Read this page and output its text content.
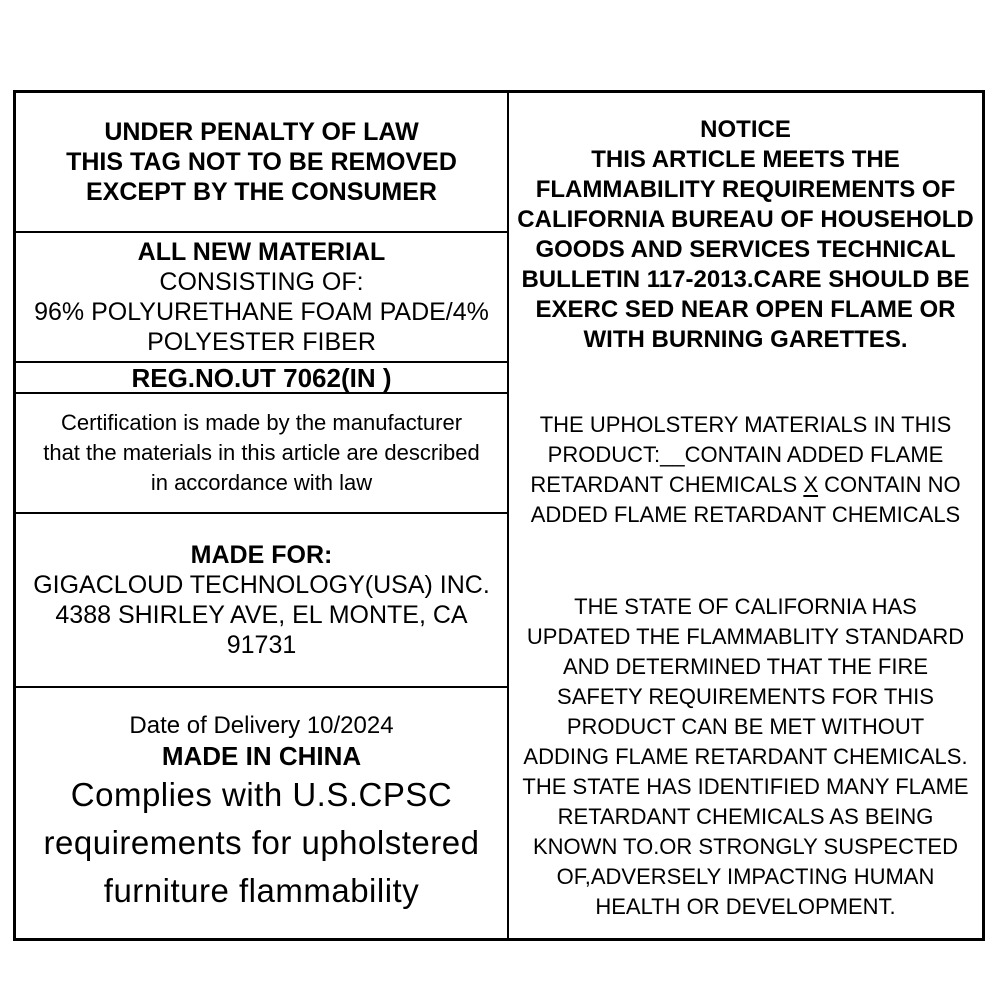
UNDER PENALTY OF LAW
THIS TAG NOT TO BE REMOVED
EXCEPT BY THE CONSUMER
ALL NEW MATERIAL
CONSISTING OF:
96% POLYURETHANE FOAM PADE/4%
POLYESTER FIBER
REG.NO.UT 7062(IN )
Certification is made by the manufacturer
that the materials in this article are described
in accordance with law
MADE FOR:
GIGACLOUD TECHNOLOGY(USA) INC.
4388 SHIRLEY AVE, EL MONTE, CA
91731
Date of Delivery 10/2024
MADE IN CHINA
Complies with U.S.CPSC
requirements for upholstered
furniture flammability
NOTICE
THIS ARTICLE MEETS THE
FLAMMABILITY REQUIREMENTS OF
CALIFORNIA BUREAU OF HOUSEHOLD
GOODS AND SERVICES TECHNICAL
BULLETIN 117-2013.CARE SHOULD BE
EXERC SED NEAR OPEN FLAME OR
WITH BURNING GARETTES.
THE UPHOLSTERY MATERIALS IN THIS
PRODUCT:__CONTAIN ADDED FLAME
RETARDANT CHEMICALS X CONTAIN NO
ADDED FLAME RETARDANT CHEMICALS
THE STATE OF CALIFORNIA HAS
UPDATED THE FLAMMABLITY STANDARD
AND DETERMINED THAT THE FIRE
SAFETY REQUIREMENTS FOR THIS
PRODUCT CAN BE MET WITHOUT
ADDING FLAME RETARDANT CHEMICALS.
THE STATE HAS IDENTIFIED MANY FLAME
RETARDANT CHEMICALS AS BEING
KNOWN TO.OR STRONGLY SUSPECTED
OF,ADVERSELY IMPACTING HUMAN
HEALTH OR DEVELOPMENT.
